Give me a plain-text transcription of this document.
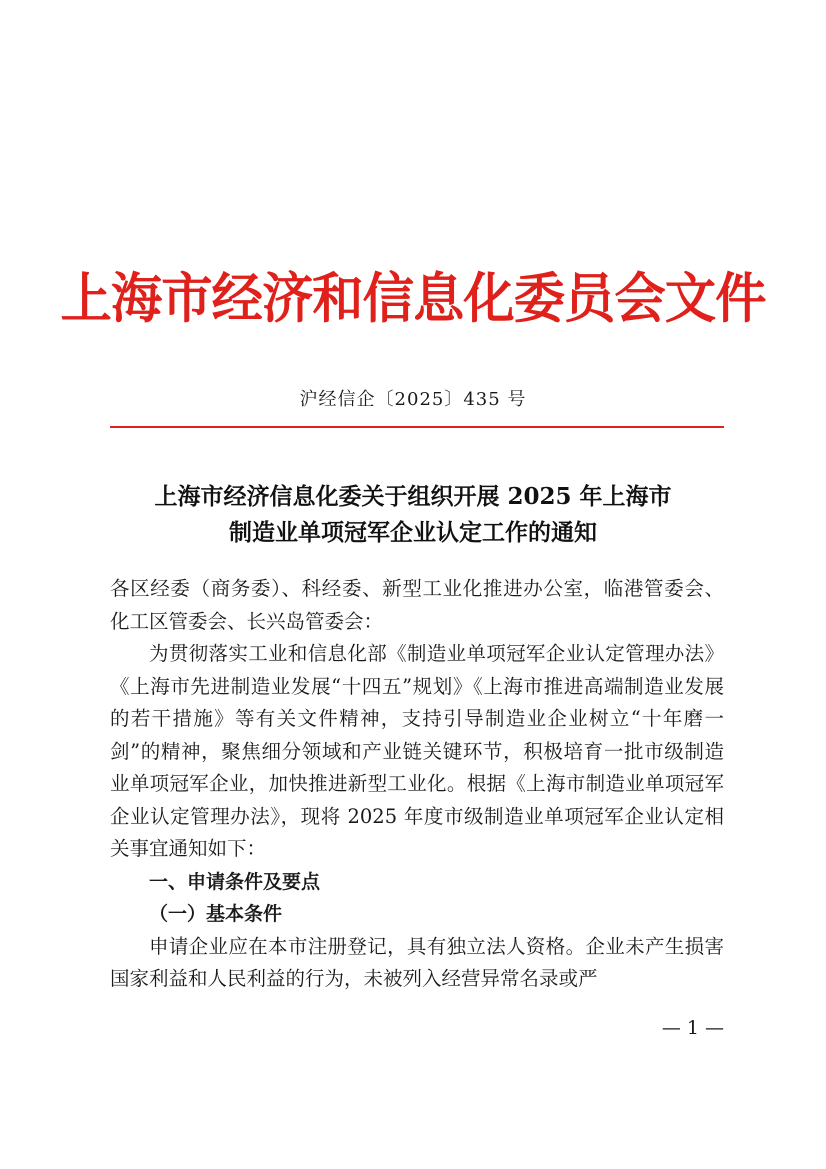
上海市经济和信息化委员会文件
沪经信企〔2025〕435 号
上海市经济信息化委关于组织开展 2025 年上海市
制造业单项冠军企业认定工作的通知

各区经委（商务委）、科经委、新型工业化推进办公室，临港管委会、化工区管委会、长兴岛管委会：

为贯彻落实工业和信息化部《制造业单项冠军企业认定管理办法》《上海市先进制造业发展“十四五”规划》《上海市推进高端制造业发展的若干措施》等有关文件精神，支持引导制造业企业树立“十年磨一剑”的精神，聚焦细分领域和产业链关键环节，积极培育一批市级制造业单项冠军企业，加快推进新型工业化。根据《上海市制造业单项冠军企业认定管理办法》，现将 2025 年度市级制造业单项冠军企业认定相关事宜通知如下：

一、申请条件及要点

（一）基本条件

申请企业应在本市注册登记，具有独立法人资格。企业未产生损害国家利益和人民利益的行为，未被列入经营异常名录或严

— 1 —
